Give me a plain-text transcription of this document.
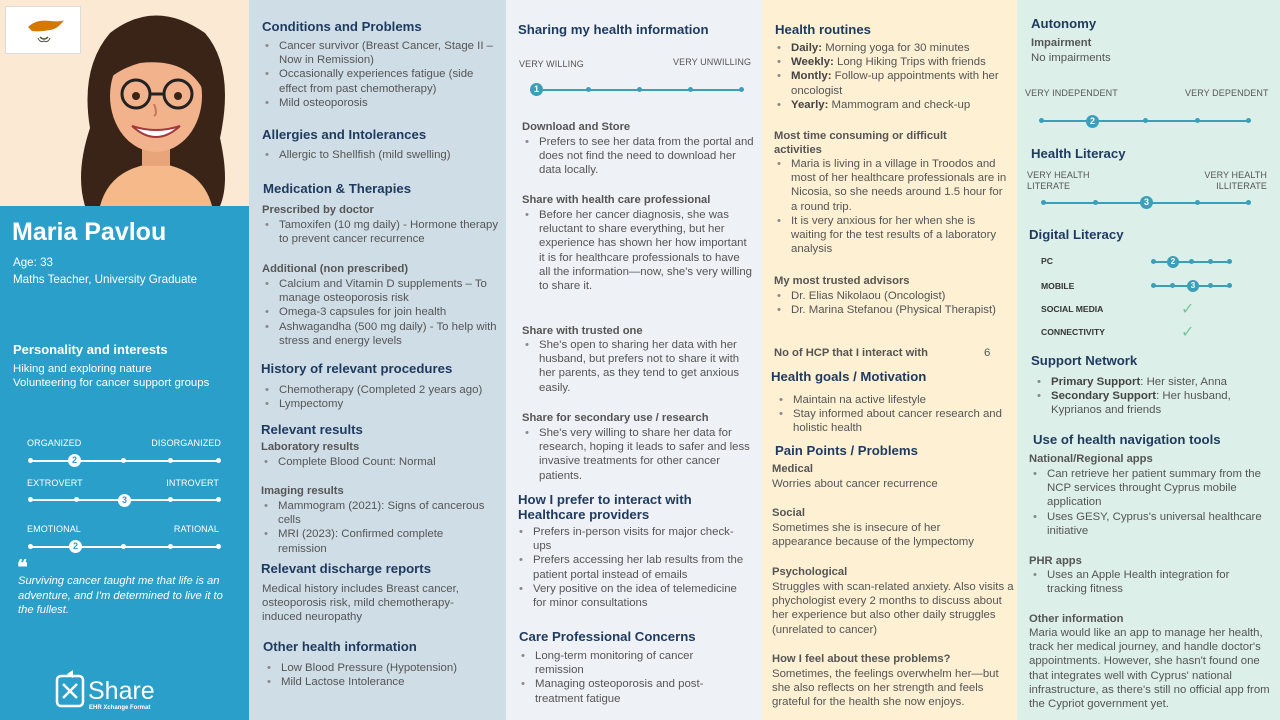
Maria Pavlou
Age: 33
Maths Teacher, University Graduate
Personality and interests
Hiking and exploring nature
Volunteering for cancer support groups
ORGANIZED	DISORGANIZED
2
EXTROVERT	INTROVERT
3
EMOTIONAL	RATIONAL
2
❝
Surviving cancer taught me that life is an adventure, and I'm determined to live it to the fullest.
Share
EHR Xchange Format
Conditions and Problems
• Cancer survivor (Breast Cancer, Stage II – Now in Remission)
• Occasionally experiences fatigue (side effect from past chemotherapy)
• Mild osteoporosis
Allergies and Intolerances
• Allergic to Shellfish (mild swelling)
Medication & Therapies
Prescribed by doctor
• Tamoxifen (10 mg daily) - Hormone therapy to prevent cancer recurrence
Additional (non prescribed)
• Calcium and Vitamin D supplements – To manage osteoporosis risk
• Omega-3 capsules for join health
• Ashwagandha (500 mg daily) - To help with stress and energy levels
History of relevant procedures
• Chemotherapy (Completed 2 years ago)
• Lympectomy
Relevant results
Laboratory results
• Complete Blood Count: Normal
Imaging results
• Mammogram (2021): Signs of cancerous cells
• MRI (2023): Confirmed complete remission
Relevant discharge reports
Medical history includes Breast cancer, osteoporosis risk, mild chemotherapy-induced neuropathy
Other health information
• Low Blood Pressure (Hypotension)
• Mild Lactose Intolerance
Sharing my health information
VERY WILLING	VERY UNWILLING
1
Download and Store
• Prefers to see her data from the portal and does not find the need to download her data locally.
Share with health care professional
• Before her cancer diagnosis, she was reluctant to share everything, but her experience has shown her how important it is for healthcare professionals to have all the information—now, she's very willing to share it.
Share with trusted one
• She's open to sharing her data with her husband, but prefers not to share it with her parents, as they tend to get anxious easily.
Share for secondary use / research
• She's very willing to share her data for research, hoping it leads to safer and less invasive treatments for other cancer patients.
How I prefer to interact with Healthcare providers
• Prefers in-person visits for major check-ups
• Prefers accessing her lab results from the patient portal instead of emails
• Very positive on the idea of telemedicine for minor consultations
Care Professional Concerns
• Long-term monitoring of cancer remission
• Managing osteoporosis and post-treatment fatigue
Health routines
• Daily: Morning yoga for 30 minutes
• Weekly: Long Hiking Trips with friends
• Montly: Follow-up appointments with her oncologist
• Yearly: Mammogram and check-up
Most time consuming or difficult activities
• Maria is living in a village in Troodos and most of her healthcare professionals are in Nicosia, so she needs around 1.5 hour for a round trip.
• It is very anxious for her when she is waiting for the test results of a laboratory analysis
My most trusted advisors
• Dr. Elias Nikolaou (Oncologist)
• Dr. Marina Stefanou (Physical Therapist)
No of HCP that I interact with	6
Health goals / Motivation
• Maintain na active lifestyle
• Stay informed about cancer research and holistic health
Pain Points / Problems
Medical
Worries about cancer recurrence
Social
Sometimes she is insecure of her appearance because of the lympectomy
Psychological
Struggles with scan-related anxiety. Also visits a phychologist every 2 months to discuss about her experience but also other daily struggles (unrelated to cancer)
How I feel about these problems?
Sometimes, the feelings overwhelm her—but she also reflects on her strength and feels grateful for the health she now enjoys.
Autonomy
Impairment
No impairments
VERY INDEPENDENT	VERY DEPENDENT
2
Health Literacy
VERY HEALTH LITERATE
VERY HEALTH ILLITERATE
3
Digital Literacy
PC	2
MOBILE	3
SOCIAL MEDIA	✓
CONNECTIVITY	✓
Support Network
• Primary Support: Her sister, Anna
• Secondary Support: Her husband, Kyprianos and friends
Use of health navigation tools
National/Regional apps
• Can retrieve her patient summary from the NCP services throught Cyprus mobile application
• Uses GESY, Cyprus's universal healthcare initiative
PHR apps
• Uses an Apple Health integration for tracking fitness
Other information
Maria would like an app to manage her health, track her medical journey, and handle doctor's appointments. However, she hasn't found one that integrates well with Cyprus' national infrastructure, as there's still no official app from the Cypriot government yet.
